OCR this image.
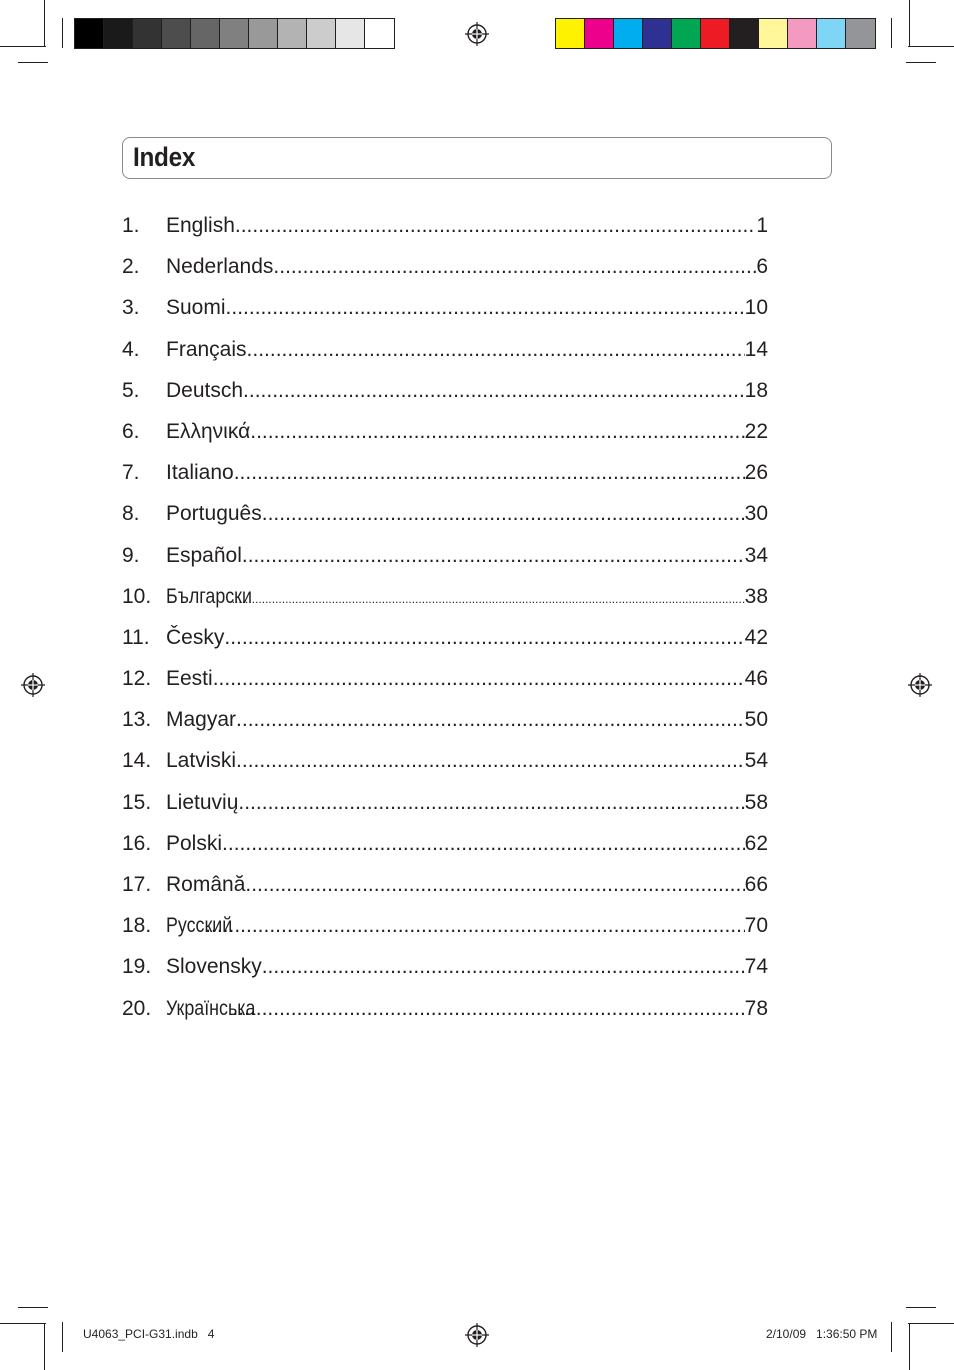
Index
1.	English .....	1
2.	Nederlands .....	6
3.	Suomi .....	10
4.	Français .....	14
5.	Deutsch .....	18
6.	Ελληνικά .....	22
7.	Italiano .....	26
8.	Português .....	30
9.	Español .....	34
10. Български .....	38
11. Česky .....	42
12. Eesti .....	46
13. Magyar .....	50
14. Latviski .....	54
15. Lietuvių .....	58
16. Polski .....	62
17. Română .....	66
18. Русский .....	70
19. Slovensky .....	74
20. Українська .....	78
U4063_PCI-G31.indb   4	2/10/09   1:36:50 PM
